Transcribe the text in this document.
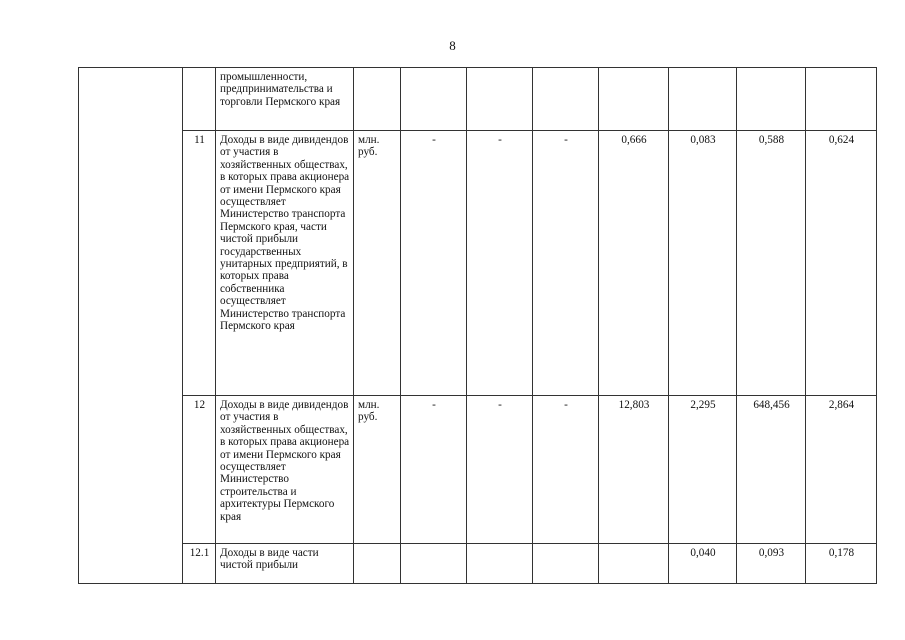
8
		промышленности, предпринимательства и торговли Пермского края								
	11	Доходы в виде дивидендов от участия в хозяйственных обществах, в которых права акционера от имени Пермского края осуществляет Министерство транспорта Пермского края, части чистой прибыли государственных унитарных предприятий, в которых права собственника осуществляет Министерство транспорта Пермского края	млн. руб.	-	-	-	0,666	0,083	0,588	0,624
	12	Доходы в виде дивидендов от участия в хозяйственных обществах, в которых права акционера от имени Пермского края осуществляет Министерство строительства и архитектуры Пермского края	млн. руб.	-	-	-	12,803	2,295	648,456	2,864
	12.1	Доходы в виде части чистой прибыли						0,040	0,093	0,178
